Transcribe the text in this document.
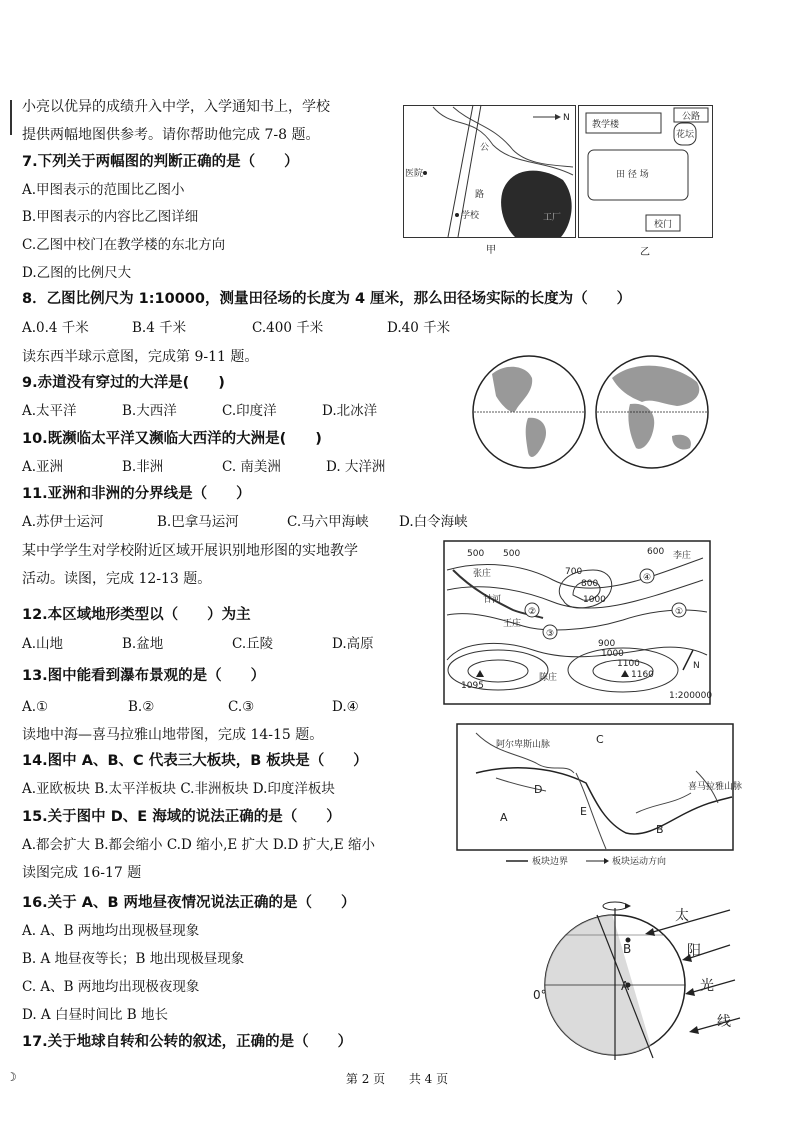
小亮以优异的成绩升入中学，入学通知书上，学校
提供两幅地图供参考。请你帮助他完成 7-8 题。
7.下列关于两幅图的判断正确的是（　　）
A.甲图表示的范围比乙图小
B.甲图表示的内容比乙图详细
C.乙图中校门在教学楼的东北方向
D.乙图的比例尺大
8．乙图比例尺为 1:10000，测量田径场的长度为 4 厘米，那么田径场实际的长度为（　　）
A.0.4 千米	B.4 千米	C.400 千米	D.40 千米
读东西半球示意图，完成第 9-11 题。
9.赤道没有穿过的大洋是(　　)
A.太平洋	B.大西洋	C.印度洋	D.北冰洋
10.既濒临太平洋又濒临大西洋的大洲是(　　)
A.亚洲	B.非洲	C. 南美洲	D. 大洋洲
11.亚洲和非洲的分界线是（　　）
A.苏伊士运河	B.巴拿马运河	C.马六甲海峡 D.白令海峡
某中学学生对学校附近区域开展识别地形图的实地教学
活动。读图，完成 12-13 题。
12.本区域地形类型以（　　）为主
A.山地	B.盆地	C.丘陵	D.高原
13.图中能看到瀑布景观的是（　　）
A.①	B.②	C.③	D.④
读地中海—喜马拉雅山地带图，完成 14-15 题。
14.图中 A、B、C 代表三大板块，B 板块是（　　）
A.亚欧板块 B.太平洋板块 C.非洲板块 D.印度洋板块
15.关于图中 D、E 海域的说法正确的是（　　）
A.都会扩大 B.都会缩小 C.D 缩小,E 扩大 D.D 扩大,E 缩小
读图完成 16-17 题
16.关于 A、B 两地昼夜情况说法正确的是（　　）
A. A、B 两地均出现极昼现象
B. A 地昼夜等长；B 地出现极昼现象
C. A、B 两地均出现极夜现象
D. A 白昼时间比 B 地长
17.关于地球自转和公转的叙述，正确的是（　　）
N
医院
学校
公
路
工厂
甲
教学楼
田 径 场
花坛
公路
校门
乙
①
②
③
④
500 500	600
700
800
900
1000
1000
1100
1095
1160
李庄
张庄
王庄
陈庄
甘河
N
1:200000
A
B
C
D
E
阿尔卑斯山脉
喜马拉雅山脉
板块边界	板块运动方向
B
A
0°
太
阳
光
线
☽	第 2 页 共 4 页
